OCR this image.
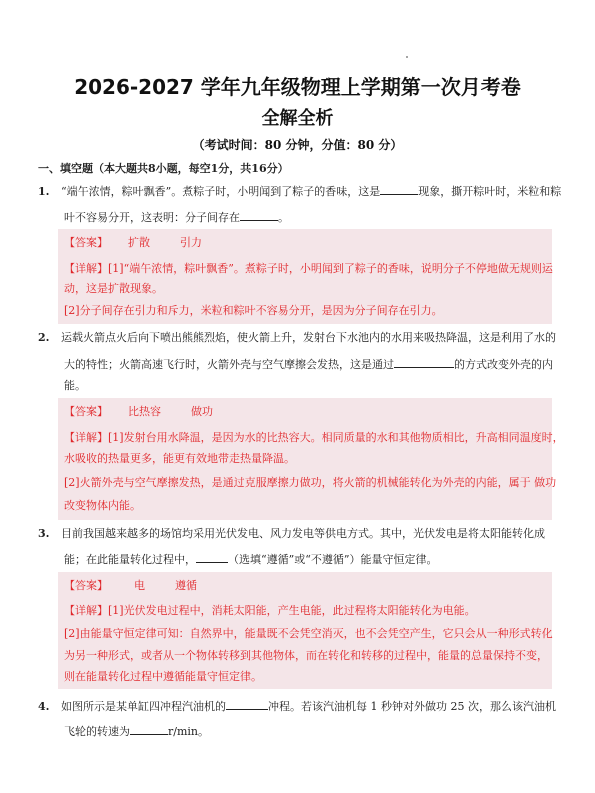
2026-2027 学年九年级物理上学期第一次月考卷
全解全析
（考试时间：80 分钟，分值：80 分）
一、填空题（本大题共8小题，每空1分，共16分）
1. “端午浓情，粽叶飘香”。煮粽子时，小明闻到了粽子的香味，这是	现象，撕开粽叶时，米粒和粽
叶不容易分开，这表明：分子间存在	。
【答案】 扩散	引力
【详解】[1]“端午浓情，粽叶飘香”。煮粽子时，小明闻到了粽子的香味，说明分子不停地做无规则运
动，这是扩散现象。
[2]分子间存在引力和斥力，米粒和粽叶不容易分开，是因为分子间存在引力。
2. 运载火箭点火后向下喷出熊熊烈焰，使火箭上升，发射台下水池内的水用来吸热降温，这是利用了水的
大的特性；火箭高速飞行时，火箭外壳与空气摩擦会发热，这是通过	的方式改变外壳的内
能。
【答案】 比热容	做功
【详解】[1]发射台用水降温，是因为水的比热容大。相同质量的水和其他物质相比，升高相同温度时，
水吸收的热量更多，能更有效地带走热量降温。
[2]火箭外壳与空气摩擦发热，是通过克服摩擦力做功，将火箭的机械能转化为外壳的内能，属于 做功
改变物体内能。
3. 目前我国越来越多的场馆均采用光伏发电、风力发电等供电方式。其中，光伏发电是将太阳能转化成
能；在此能量转化过程中，	（选填“遵循”或“不遵循”）能量守恒定律。
【答案】 电	遵循
【详解】[1]光伏发电过程中，消耗太阳能，产生电能，此过程将太阳能转化为电能。
[2]由能量守恒定律可知：自然界中，能量既不会凭空消灭，也不会凭空产生，它只会从一种形式转化
为另一种形式，或者从一个物体转移到其他物体，而在转化和转移的过程中，能量的总量保持不变，
则在能量转化过程中遵循能量守恒定律。
4. 如图所示是某单缸四冲程汽油机的	冲程。若该汽油机每 1 秒钟对外做功 25 次，那么该汽油机
飞轮的转速为	r/min。
